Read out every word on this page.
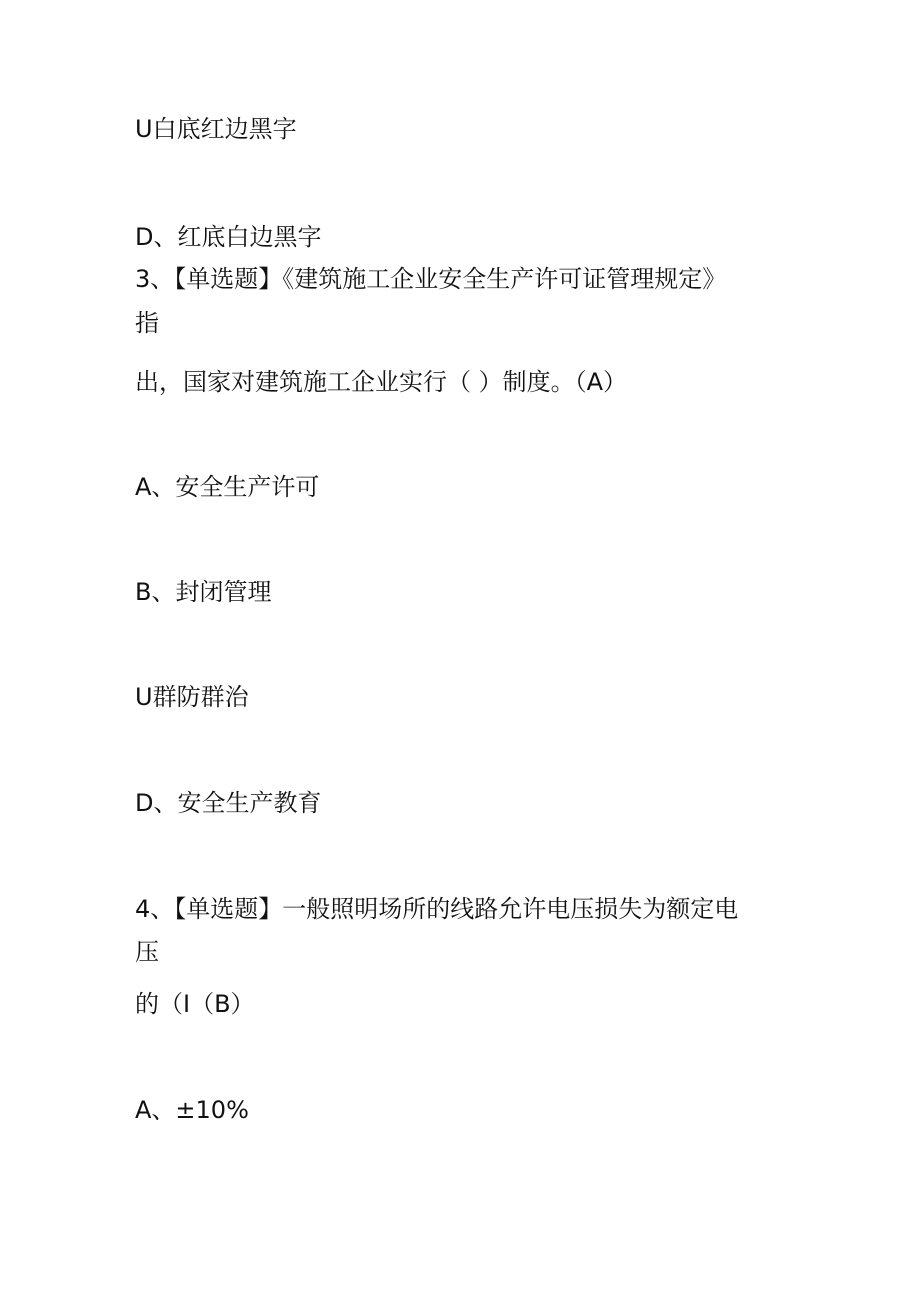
U白底红边黑字

D、红底白边黑字

3、【单选题】《建筑施工企业安全生产许可证管理规定》

指

出，国家对建筑施工企业实行（ ）制度。（A）

A、安全生产许可

B、封闭管理

U群防群治

D、安全生产教育

4、【单选题】一般照明场所的线路允许电压损失为额定电

压

的（I（B）

A、±10%
